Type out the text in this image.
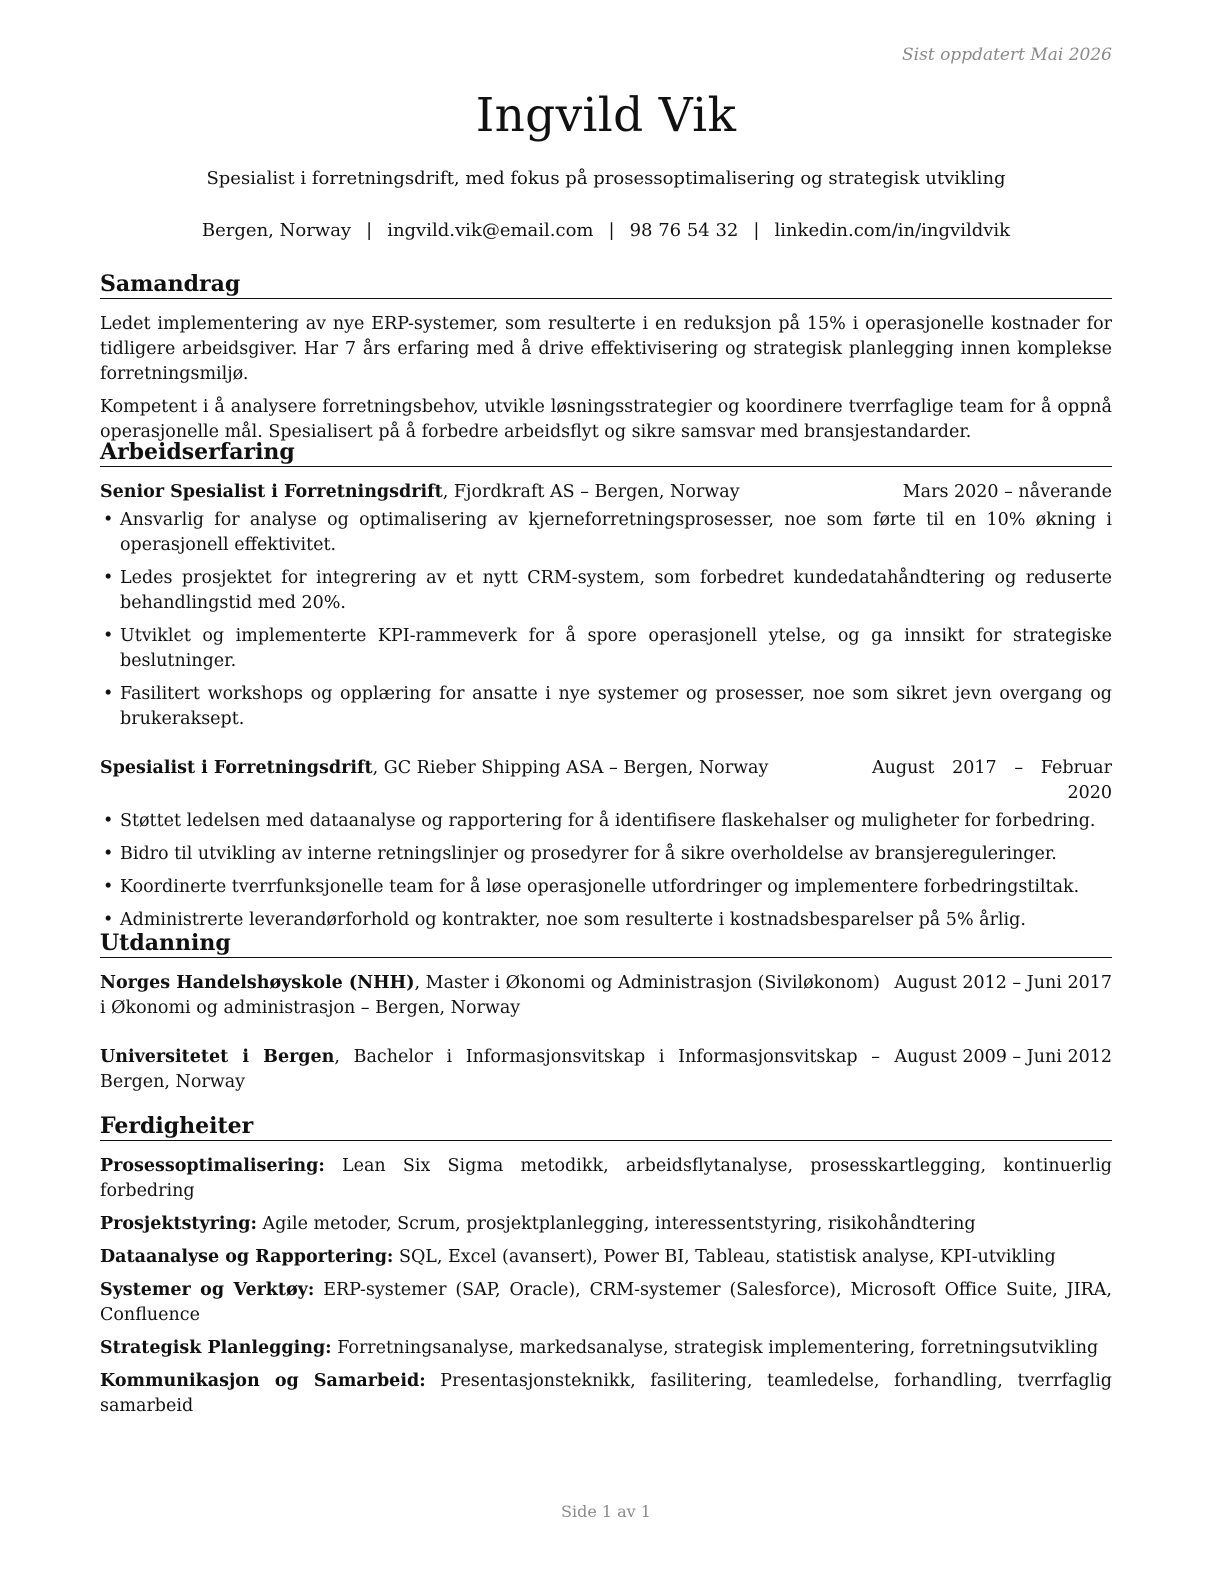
Sist oppdatert Mai 2026
Ingvild Vik
Spesialist i forretningsdrift, med fokus på prosessoptimalisering og strategisk utvikling
Bergen, Norway | ingvild.vik@email.com | 98 76 54 32 | linkedin.com/in/ingvildvik
Samandrag

Ledet implementering av nye ERP-systemer, som resulterte i en reduksjon på 15% i operasjonelle kostnader for tidligere arbeidsgiver. Har 7 års erfaring med å drive effektivisering og strategisk planlegging innen komplekse forretningsmiljø.

Kompetent i å analysere forretningsbehov, utvikle løsningsstrategier og koordinere tverrfaglige team for å oppnå operasjonelle mål. Spesialisert på å forbedre arbeidsflyt og sikre samsvar med bransjestandarder.

Arbeidserfaring
Senior Spesialist i Forretningsdrift, Fjordkraft AS – Bergen, Norway	Mars 2020 – nåverande
• Ansvarlig for analyse og optimalisering av kjerneforretningsprosesser, noe som førte til en 10% økning i operasjonell effektivitet.
• Ledes prosjektet for integrering av et nytt CRM-system, som forbedret kundedatahåndtering og reduserte behandlingstid med 20%.
• Utviklet og implementerte KPI-rammeverk for å spore operasjonell ytelse, og ga innsikt for strategiske beslutninger.
• Fasilitert workshops og opplæring for ansatte i nye systemer og prosesser, noe som sikret jevn overgang og brukeraksept.
Spesialist i Forretningsdrift, GC Rieber Shipping ASA – Bergen, Norway	August 2017 – Februar 2020
• Støttet ledelsen med dataanalyse og rapportering for å identifisere flaskehalser og muligheter for forbedring.
• Bidro til utvikling av interne retningslinjer og prosedyrer for å sikre overholdelse av bransjereguleringer.
• Koordinerte tverrfunksjonelle team for å løse operasjonelle utfordringer og implementere forbedringstiltak.
• Administrerte leverandørforhold og kontrakter, noe som resulterte i kostnadsbesparelser på 5% årlig.
Utdanning
Norges Handelshøyskole (NHH), Master i Økonomi og Administrasjon (Siviløkonom) i Økonomi og administrasjon – Bergen, Norway
August 2012 – Juni 2017
Universitetet i Bergen, Bachelor i Informasjonsvitskap i Informasjonsvitskap – Bergen, Norway
August 2009 – Juni 2012
Ferdigheiter
Prosessoptimalisering: Lean Six Sigma metodikk, arbeidsflytanalyse, prosesskartlegging, kontinuerlig forbedring
Prosjektstyring: Agile metoder, Scrum, prosjektplanlegging, interessentstyring, risikohåndtering
Dataanalyse og Rapportering: SQL, Excel (avansert), Power BI, Tableau, statistisk analyse, KPI-utvikling
Systemer og Verktøy: ERP-systemer (SAP, Oracle), CRM-systemer (Salesforce), Microsoft Office Suite, JIRA, Confluence
Strategisk Planlegging: Forretningsanalyse, markedsanalyse, strategisk implementering, forretningsutvikling
Kommunikasjon og Samarbeid: Presentasjonsteknikk, fasilitering, teamledelse, forhandling, tverrfaglig samarbeid
Side 1 av 1
